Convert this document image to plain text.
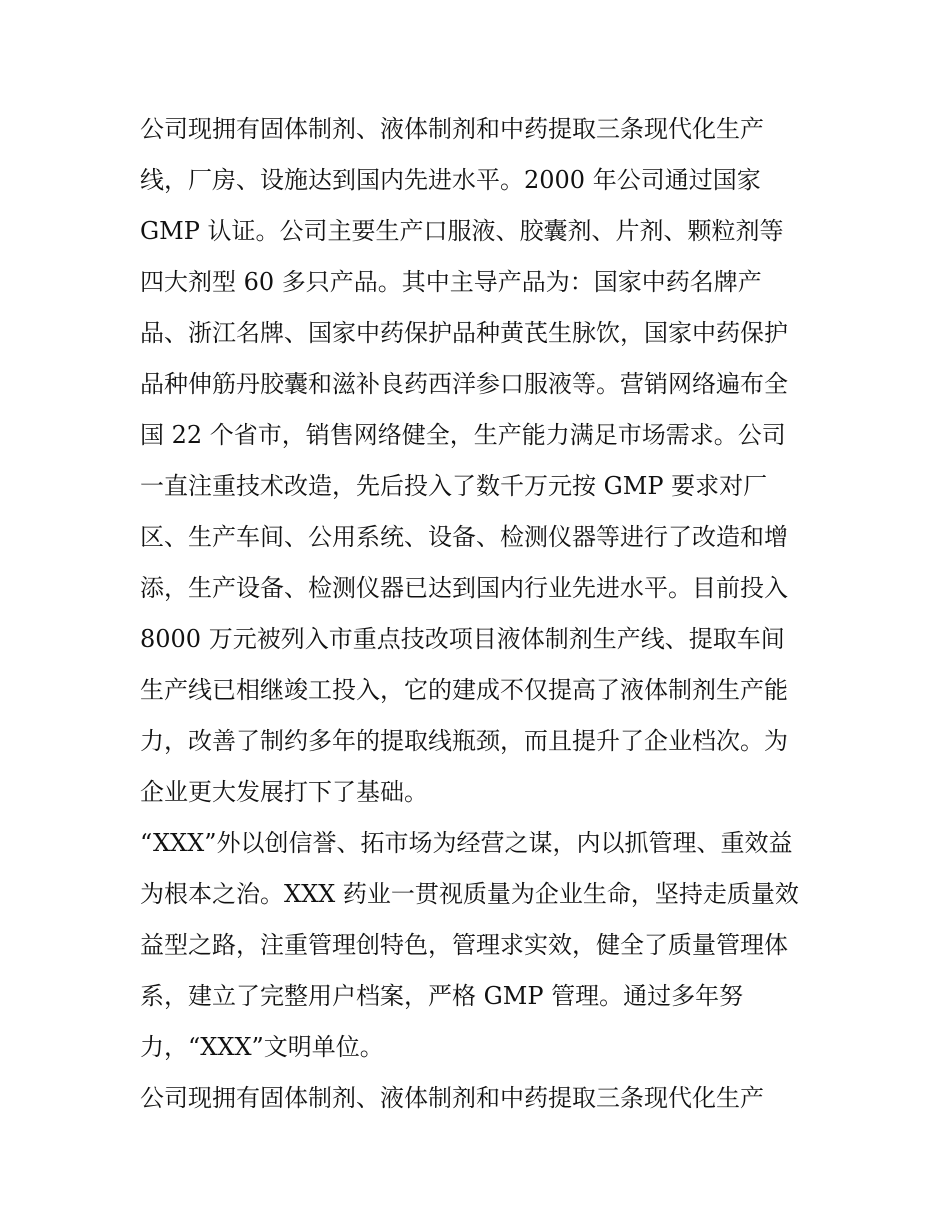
公司现拥有固体制剂、液体制剂和中药提取三条现代化生产
线，厂房、设施达到国内先进水平。2000 年公司通过国家
GMP 认证。公司主要生产口服液、胶囊剂、片剂、颗粒剂等
四大剂型 60 多只产品。其中主导产品为：国家中药名牌产
品、浙江名牌、国家中药保护品种黄芪生脉饮，国家中药保护
品种伸筋丹胶囊和滋补良药西洋参口服液等。营销网络遍布全
国 22 个省市，销售网络健全，生产能力满足市场需求。公司
一直注重技术改造，先后投入了数千万元按 GMP 要求对厂
区、生产车间、公用系统、设备、检测仪器等进行了改造和增
添，生产设备、检测仪器已达到国内行业先进水平。目前投入
8000 万元被列入市重点技改项目液体制剂生产线、提取车间
生产线已相继竣工投入，它的建成不仅提高了液体制剂生产能
力，改善了制约多年的提取线瓶颈，而且提升了企业档次。为
企业更大发展打下了基础。
“XXX”外以创信誉、拓市场为经营之谋，内以抓管理、重效益
为根本之治。XXX 药业一贯视质量为企业生命，坚持走质量效
益型之路，注重管理创特色，管理求实效，健全了质量管理体
系，建立了完整用户档案，严格 GMP 管理。通过多年努
力，“XXX”文明单位。
公司现拥有固体制剂、液体制剂和中药提取三条现代化生产
